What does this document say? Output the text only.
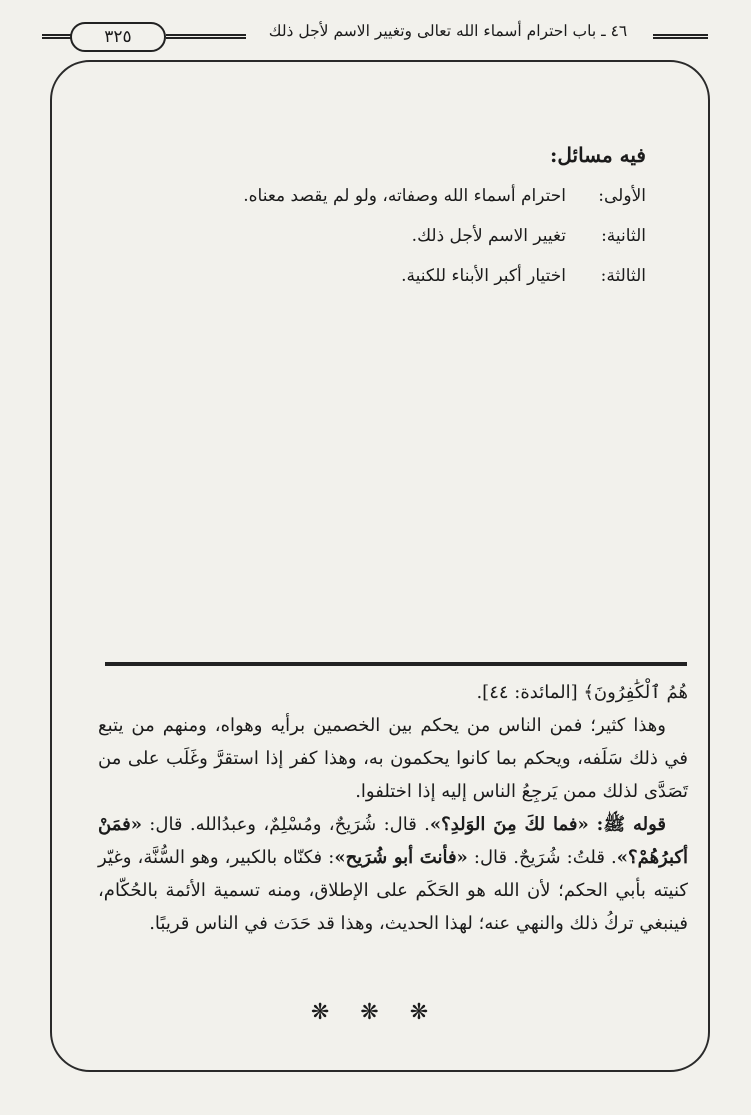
٤٦ ـ باب احترام أسماء الله تعالى وتغيير الاسم لأجل ذلك
٣٢٥
فيه مسائل:
الأولى:احترام أسماء الله وصفاته، ولو لم يقصد معناه.
الثانية:تغيير الاسم لأجل ذلك.
الثالثة:اختيار أكبر الأبناء للكنية.

هُمُ ٱلْكَٰفِرُونَ﴾ [المائدة: ٤٤].

وهذا كثير؛ فمن الناس من يحكم بين الخصمين برأيه وهواه، ومنهم من يتبع في ذلك سَلَفه، ويحكم بما كانوا يحكمون به، وهذا كفر إذا استقرَّ وغَلَب على من تَصَدَّى لذلك ممن يَرجِعُ الناس إليه إذا اختلفوا.

قوله ﷺ: «فما لكَ مِنَ الوَلدِ؟». قال: شُرَيحٌ، ومُسْلِمٌ، وعبدُالله. قال: «فمَنْ أكبرُهُمْ؟». قلتُ: شُرَيحٌ. قال: «فأنتَ أبو شُرَيح»: فكنّاه بالكبير، وهو السُّنَّة، وغيّر كنيته بأبي الحكم؛ لأن الله هو الحَكَم على الإطلاق، ومنه تسمية الأئمة بالحُكّام، فينبغي تركُ ذلك والنهي عنه؛ لهذا الحديث، وهذا قد حَدَث في الناس قريبًا.

❋ ❋ ❋
